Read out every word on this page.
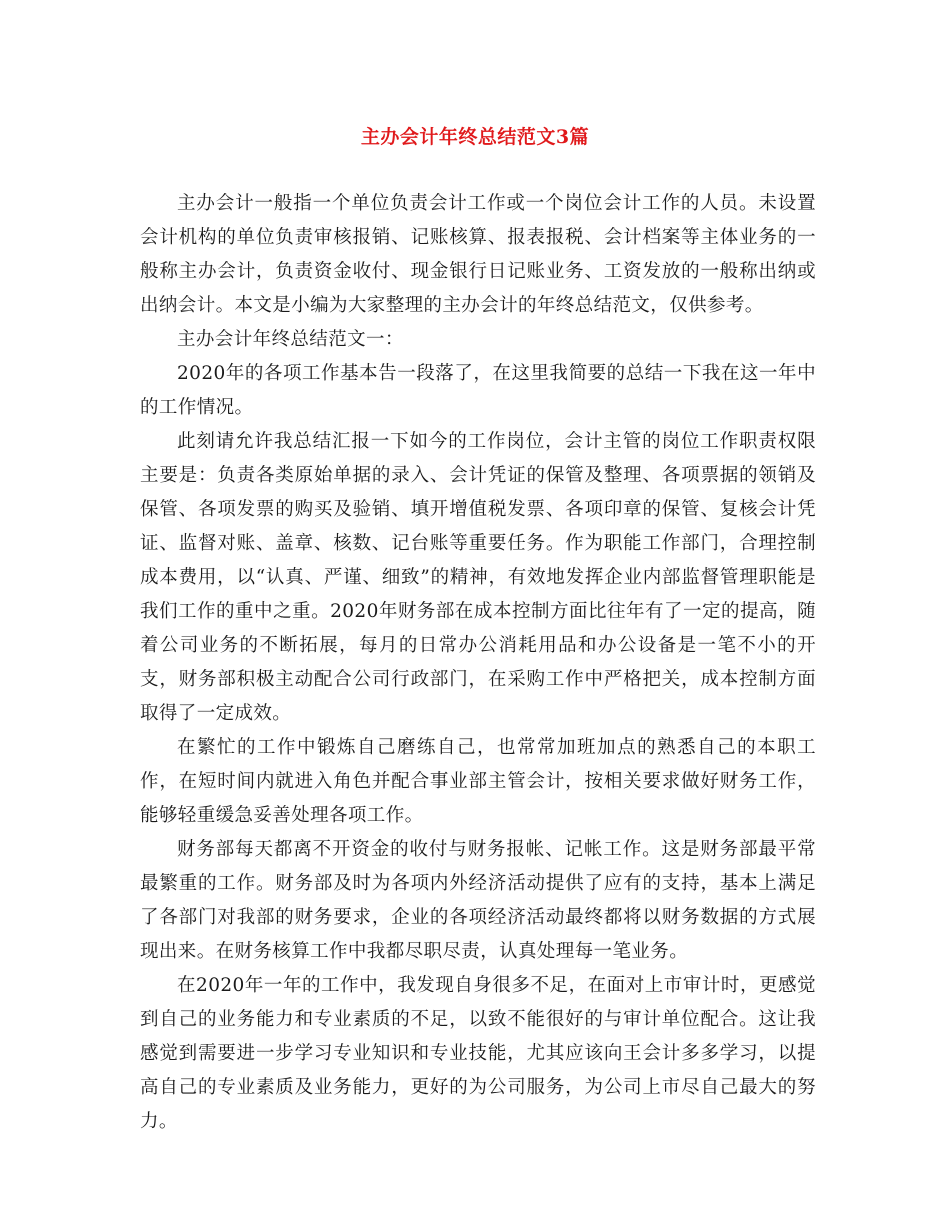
主办会计年终总结范文3篇

主办会计一般指一个单位负责会计工作或一个岗位会计工作的人员。未设置会计机构的单位负责审核报销、记账核算、报表报税、会计档案等主体业务的一般称主办会计，负责资金收付、现金银行日记账业务、工资发放的一般称出纳或出纳会计。本文是小编为大家整理的主办会计的年终总结范文，仅供参考。

主办会计年终总结范文一：

2020年的各项工作基本告一段落了，在这里我简要的总结一下我在这一年中的工作情况。

此刻请允许我总结汇报一下如今的工作岗位，会计主管的岗位工作职责权限主要是：负责各类原始单据的录入、会计凭证的保管及整理、各项票据的领销及保管、各项发票的购买及验销、填开增值税发票、各项印章的保管、复核会计凭证、监督对账、盖章、核数、记台账等重要任务。作为职能工作部门，合理控制成本费用，以“认真、严谨、细致”的精神，有效地发挥企业内部监督管理职能是我们工作的重中之重。2020年财务部在成本控制方面比往年有了一定的提高，随着公司业务的不断拓展，每月的日常办公消耗用品和办公设备是一笔不小的开支，财务部积极主动配合公司行政部门，在采购工作中严格把关，成本控制方面取得了一定成效。

在繁忙的工作中锻炼自己磨练自己，也常常加班加点的熟悉自己的本职工作，在短时间内就进入角色并配合事业部主管会计，按相关要求做好财务工作，能够轻重缓急妥善处理各项工作。

财务部每天都离不开资金的收付与财务报帐、记帐工作。这是财务部最平常最繁重的工作。财务部及时为各项内外经济活动提供了应有的支持，基本上满足了各部门对我部的财务要求，企业的各项经济活动最终都将以财务数据的方式展现出来。在财务核算工作中我都尽职尽责，认真处理每一笔业务。

在2020年一年的工作中，我发现自身很多不足，在面对上市审计时，更感觉到自己的业务能力和专业素质的不足，以致不能很好的与审计单位配合。这让我感觉到需要进一步学习专业知识和专业技能，尤其应该向王会计多多学习，以提高自己的专业素质及业务能力，更好的为公司服务，为公司上市尽自己最大的努力。
